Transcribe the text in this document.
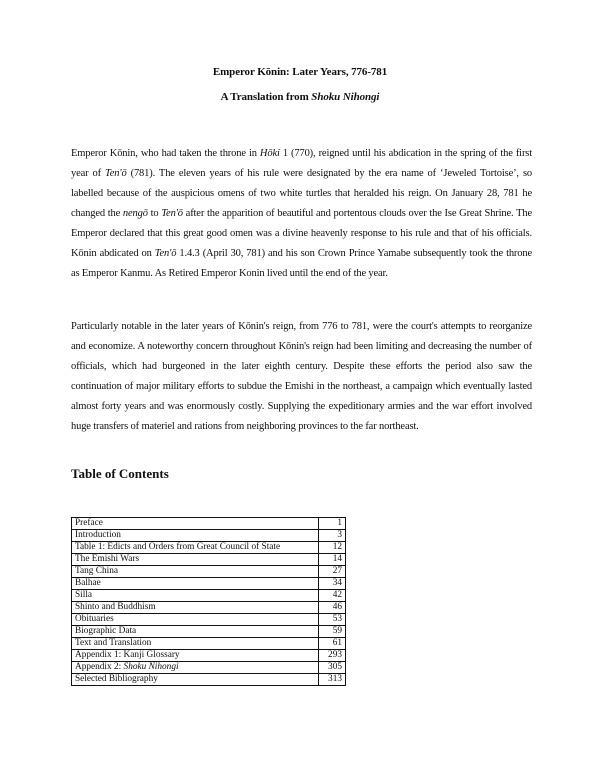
Emperor Kōnin: Later Years, 776-781
A Translation from Shoku Nihongi
Emperor Kōnin, who had taken the throne in Hōki 1 (770), reigned until his abdication in the spring of the first year of Ten'ō (781). The eleven years of his rule were designated by the era name of ‘Jeweled Tortoise’, so labelled because of the auspicious omens of two white turtles that heralded his reign. On January 28, 781 he changed the nengō to Ten'ō after the apparition of beautiful and portentous clouds over the Ise Great Shrine. The Emperor declared that this great good omen was a divine heavenly response to his rule and that of his officials. Kōnin abdicated on Ten'ō 1.4.3 (April 30, 781) and his son Crown Prince Yamabe subsequently took the throne as Emperor Kanmu. As Retired Emperor Konin lived until the end of the year.
Particularly notable in the later years of Kōnin's reign, from 776 to 781, were the court's attempts to reorganize and economize. A noteworthy concern throughout Kōnin's reign had been limiting and decreasing the number of officials, which had burgeoned in the later eighth century. Despite these efforts the period also saw the continuation of major military efforts to subdue the Emishi in the northeast, a campaign which eventually lasted almost forty years and was enormously costly. Supplying the expeditionary armies and the war effort involved huge transfers of materiel and rations from neighboring provinces to the far northeast.
Table of Contents
Preface	1
Introduction	3
Table 1: Edicts and Orders from Great Council of State	12
The Emishi Wars	14
Tang China	27
Balhae	34
Silla	42
Shinto and Buddhism	46
Obituaries	53
Biographic Data	59
Text and Translation	61
Appendix 1: Kanji Glossary	293
Appendix 2: Shoku Nihongi	305
Selected Bibliography	313
